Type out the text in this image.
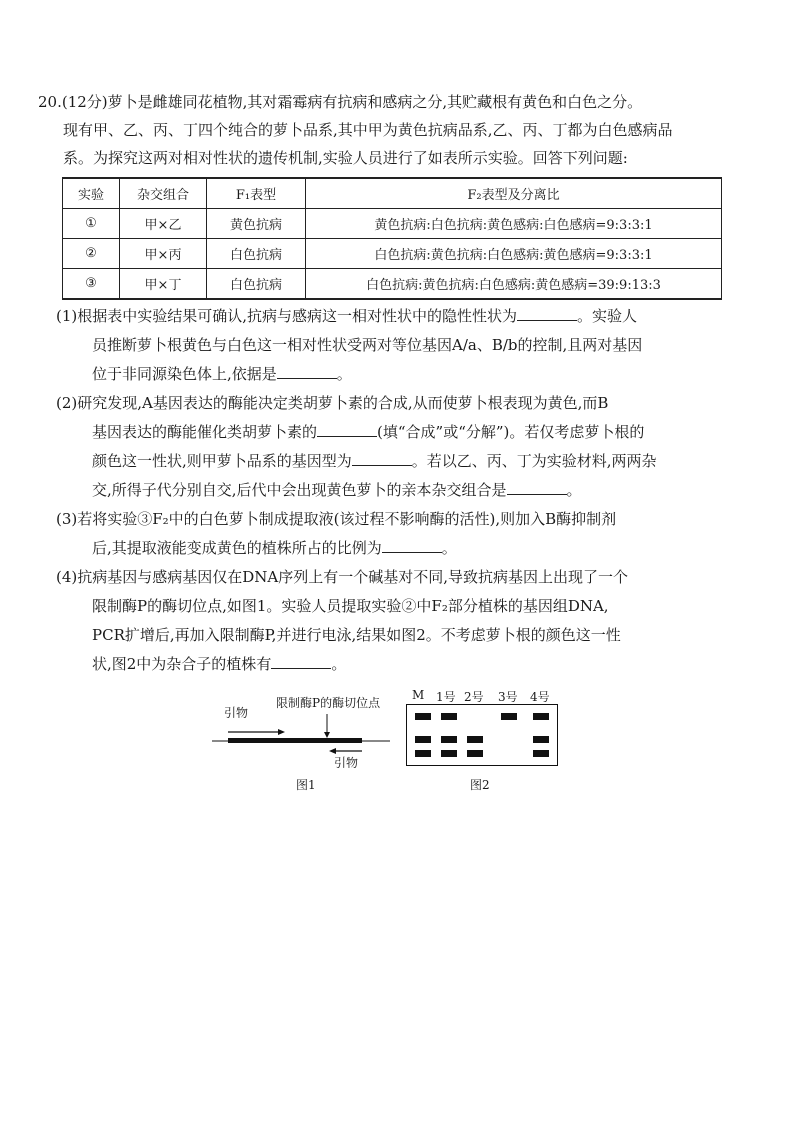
20.(12分)萝卜是雌雄同花植物,其对霜霉病有抗病和感病之分,其贮藏根有黄色和白色之分。
现有甲、乙、丙、丁四个纯合的萝卜品系,其中甲为黄色抗病品系,乙、丙、丁都为白色感病品
系。为探究这两对相对性状的遗传机制,实验人员进行了如表所示实验。回答下列问题:
实验	杂交组合	F₁表型	F₂表型及分离比
①	甲×乙	黄色抗病	黄色抗病:白色抗病:黄色感病:白色感病=9:3:3:1
②	甲×丙	白色抗病	白色抗病:黄色抗病:白色感病:黄色感病=9:3:3:1
③	甲×丁	白色抗病	白色抗病:黄色抗病:白色感病:黄色感病=39:9:13:3
(1)根据表中实验结果可确认,抗病与感病这一相对性状中的隐性性状为	。实验人
员推断萝卜根黄色与白色这一相对性状受两对等位基因A/a、B/b的控制,且两对基因
位于非同源染色体上,依据是	。
(2)研究发现,A基因表达的酶能决定类胡萝卜素的合成,从而使萝卜根表现为黄色,而B
基因表达的酶能催化类胡萝卜素的	(填“合成”或“分解”)。若仅考虑萝卜根的
颜色这一性状,则甲萝卜品系的基因型为	。若以乙、丙、丁为实验材料,两两杂
交,所得子代分别自交,后代中会出现黄色萝卜的亲本杂交组合是	。
(3)若将实验③F₂中的白色萝卜制成提取液(该过程不影响酶的活性),则加入B酶抑制剂
后,其提取液能变成黄色的植株所占的比例为	。
(4)抗病基因与感病基因仅在DNA序列上有一个碱基对不同,导致抗病基因上出现了一个
限制酶P的酶切位点,如图1。实验人员提取实验②中F₂部分植株的基因组DNA,
PCR扩增后,再加入限制酶P,并进行电泳,结果如图2。不考虑萝卜根的颜色这一性
状,图2中为杂合子的植株有	。
引物
限制酶P的酶切位点
引物
图1
M 1号 2号 3号 4号
图2
